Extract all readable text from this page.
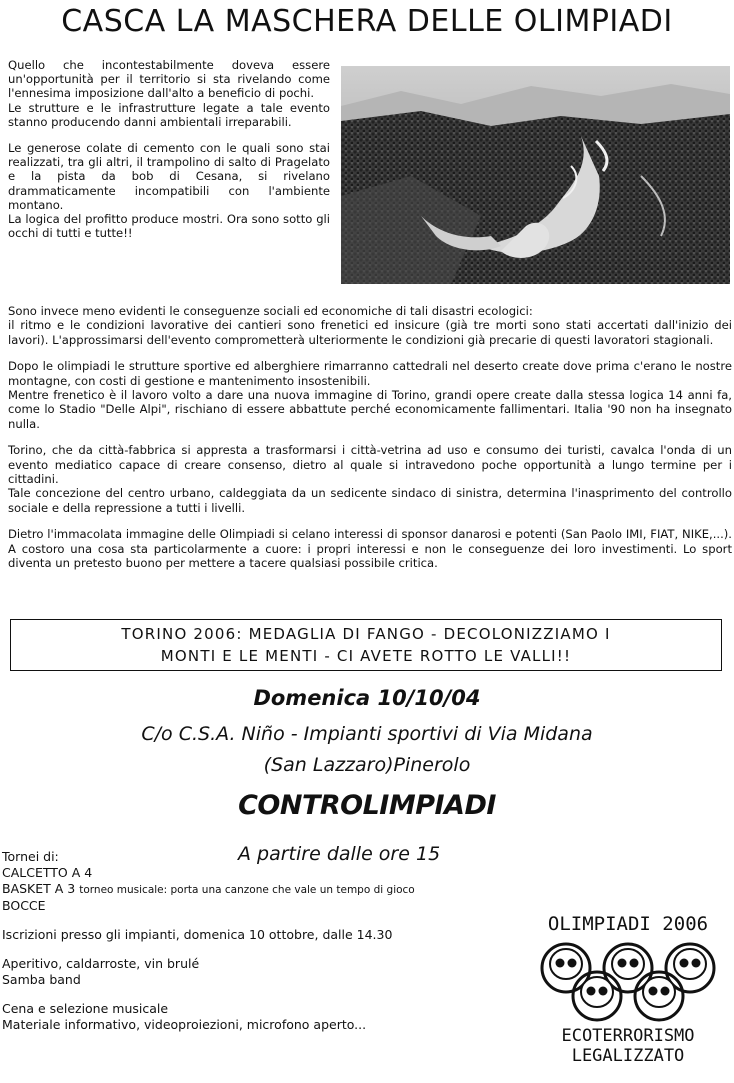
CASCA LA MASCHERA DELLE OLIMPIADI

Quello che incontestabilmente doveva essere un'opportunità per il territorio si sta rivelando come l'ennesima imposizione dall'alto a beneficio di pochi.
Le strutture e le infrastrutture legate a tale evento stanno producendo danni ambientali irreparabili.

Le generose colate di cemento con le quali sono stai realizzati, tra gli altri, il trampolino di salto di Pragelato e la pista da bob di Cesana, si rivelano drammaticamente incompatibili con l'ambiente montano.
La logica del profitto produce mostri. Ora sono sotto gli occhi di tutti e tutte!!

Sono invece meno evidenti le conseguenze sociali ed economiche di tali disastri ecologici:
il ritmo e le condizioni lavorative dei cantieri sono frenetici ed insicure (già tre morti sono stati accertati dall'inizio dei lavori). L'approssimarsi dell'evento comprometterà ulteriormente le condizioni già precarie di questi lavoratori stagionali.

Dopo le olimpiadi le strutture sportive ed alberghiere rimarranno cattedrali nel deserto create dove prima c'erano le nostre montagne, con costi di gestione e mantenimento insostenibili.
Mentre frenetico è il lavoro volto a dare una nuova immagine di Torino, grandi opere create dalla stessa logica 14 anni fa, come lo Stadio "Delle Alpi", rischiano di essere abbattute perché economicamente fallimentari. Italia '90 non ha insegnato nulla.

Torino, che da città-fabbrica si appresta a trasformarsi i città-vetrina ad uso e consumo dei turisti, cavalca l'onda di un evento mediatico capace di creare consenso, dietro al quale si intravedono poche opportunità a lungo termine per i cittadini.
Tale concezione del centro urbano, caldeggiata da un sedicente sindaco di sinistra, determina l'inasprimento del controllo sociale e della repressione a tutti i livelli.

Dietro l'immacolata immagine delle Olimpiadi si celano interessi di sponsor danarosi e potenti (San Paolo IMI, FIAT, NIKE,...). A costoro una cosa sta particolarmente a cuore: i propri interessi e non le conseguenze dei loro investimenti. Lo sport diventa un pretesto buono per mettere a tacere qualsiasi possibile critica.

TORINO 2006: MEDAGLIA DI FANGO - DECOLONIZZIAMO I
MONTI E LE MENTI - CI AVETE ROTTO LE VALLI!!
Domenica 10/10/04
C/o C.S.A. Niño - Impianti sportivi di Via Midana
(San Lazzaro)Pinerolo
CONTROLIMPIADI
A partire dalle ore 15
Tornei di:
CALCETTO A 4
BASKET A 3 torneo musicale: porta una canzone che vale un tempo di gioco
BOCCE
Iscrizioni presso gli impianti, domenica 10 ottobre, dalle 14.30
Aperitivo, caldarroste, vin brulé
Samba band
Cena e selezione musicale
Materiale informativo, videoproiezioni, microfono aperto...
OLIMPIADI 2006
ECOTERRORISMO
LEGALIZZATO
